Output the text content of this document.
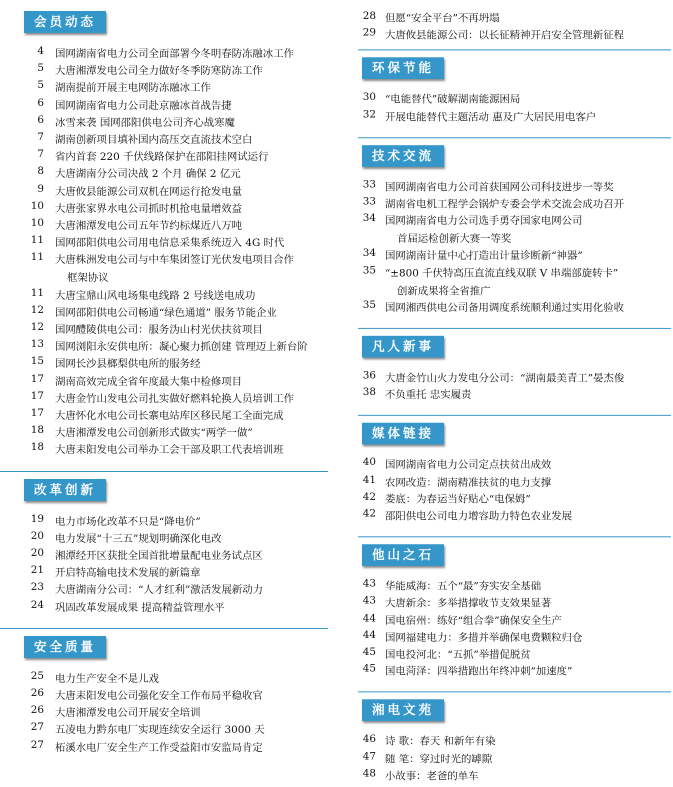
会员动态
4 国网湖南省电力公司全面部署今冬明春防冻融冰工作
5 大唐湘潭发电公司全力做好冬季防寒防冻工作
5 湖南提前开展主电网防冻融冰工作
6 国网湖南省电力公司赴京融冰首战告捷
6 冰雪来袭 国网邵阳供电公司齐心战寒魔
7 湖南创新项目填补国内高压交直流技术空白
7 省内首套 220 千伏线路保护在邵阳挂网试运行
8 大唐湖南分公司决战 2 个月 确保 2 亿元
9 大唐攸县能源公司双机在网运行抢发电量
10 大唐张家界水电公司抓时机抢电量增效益
10 大唐湘潭发电公司五年节约标煤近八万吨
11 国网邵阳供电公司用电信息采集系统迈入 4G 时代
11 大唐株洲发电公司与中车集团签订光伏发电项目合作
框架协议
11 大唐宝鼎山风电场集电线路 2 号线送电成功
12 国网邵阳供电公司畅通“绿色通道” 服务节能企业
12 国网醴陵供电公司：服务沩山村光伏扶贫项目
13 国网浏阳永安供电所：凝心聚力抓创建 管理迈上新台阶
15 国网长沙县榔梨供电所的服务经
17 湖南高效完成全省年度最大集中检修项目
17 大唐金竹山发电公司扎实做好燃料轮换人员培训工作
17 大唐怀化水电公司长寨电站库区移民尾工全面完成
18 大唐湘潭发电公司创新形式做实“两学一做”
18 大唐耒阳发电公司举办工会干部及职工代表培训班
改革创新
19 电力市场化改革不只是“降电价”
20 电力发展“十三五”规划明确深化电改
20 湘潭经开区获批全国首批增量配电业务试点区
21 开启特高输电技术发展的新篇章
23 大唐湖南分公司：“人才红利”激活发展新动力
24 巩固改革发展成果 提高精益管理水平
安全质量
25 电力生产安全不是儿戏
26 大唐耒阳发电公司强化安全工作布局平稳收官
26 大唐湘潭发电公司开展安全培训
27 五凌电力黔东电厂实现连续安全运行 3000 天
27 柘溪水电厂安全生产工作受益阳市安监局肯定
28 但愿“安全平台”不再坍塌
29 大唐攸县能源公司：以长征精神开启安全管理新征程
环保节能
30 “电能替代”破解湖南能源困局
32 开展电能替代主题活动 惠及广大居民用电客户
技术交流
33 国网湖南省电力公司首获国网公司科技进步一等奖
33 湖南省电机工程学会锅炉专委会学术交流会成功召开
34 国网湖南省电力公司选手勇夺国家电网公司
首届运检创新大赛一等奖
34 国网湖南计量中心打造出计量诊断新“神器”
35 “±800 千伏特高压直流直线双联 V 串端部旋转卡”
创新成果将全省推广
35 国网湘西供电公司备用调度系统顺利通过实用化验收
凡人新事
36 大唐金竹山火力发电分公司：“湖南最美青工”晏杰俊
38 不负重托 忠实履责
媒体链接
40 国网湖南省电力公司定点扶贫出成效
41 农网改造：湖南精准扶贫的电力支撑
42 娄底：为春运当好贴心“电保姆”
42 邵阳供电公司电力增容助力特色农业发展
他山之石
43 华能威海：五个“最”夯实安全基础
43 大唐新余：多举措撑收节支效果显著
44 国电宿州：练好“组合拳”确保安全生产
44 国网福建电力：多措并举确保电费颗粒归仓
45 国电投河北：“五抓”举措促脱贫
45 国电菏泽：四举措跑出年终冲刺“加速度”
湘电文苑
46 诗 歌：春天 和新年有染
47 随 笔：穿过时光的罅隙
48 小故事：老爸的单车
